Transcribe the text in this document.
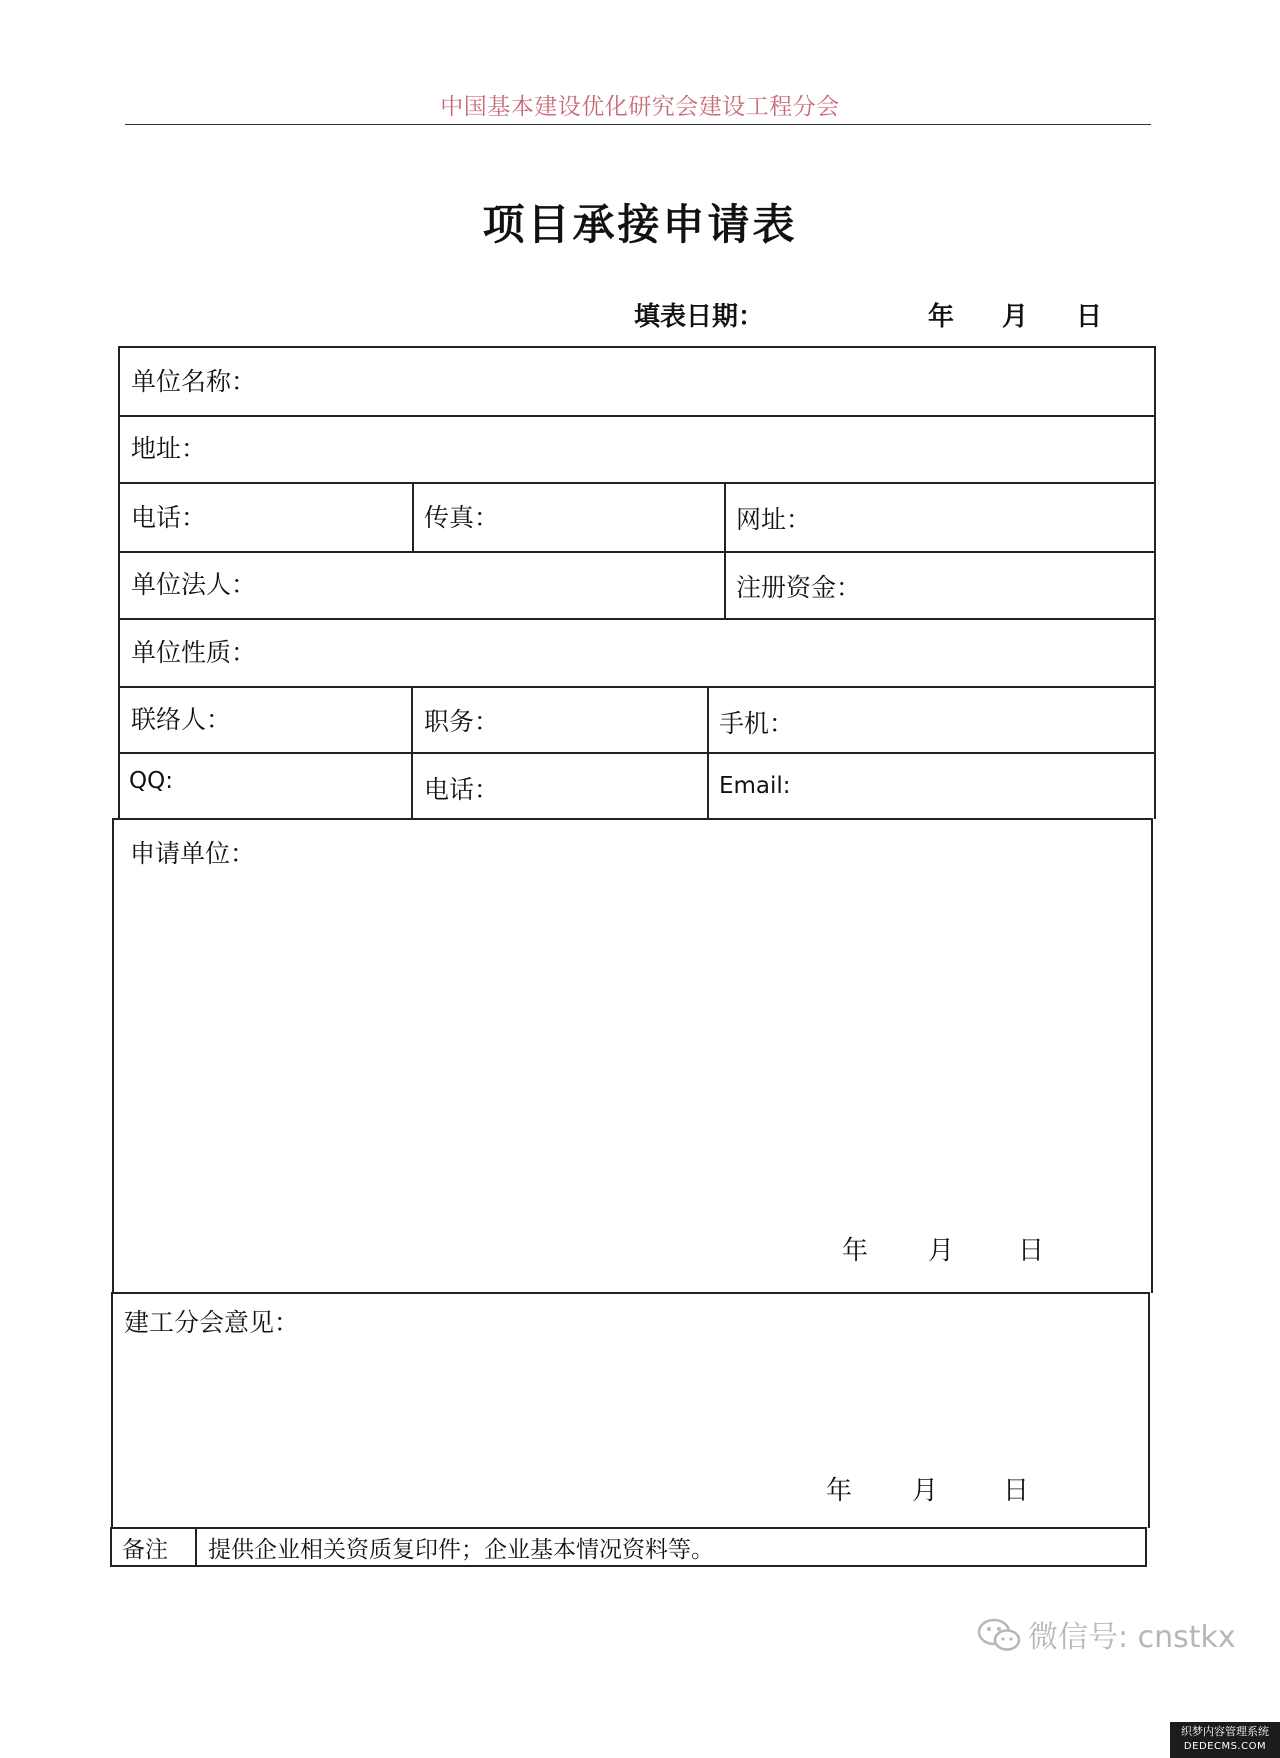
中国基本建设优化研究会建设工程分会
项目承接申请表
填表日期：	年 月 日
单位名称：
地址：
电话：	传真：	网址：
单位法人：	注册资金：
单位性质：
联络人：	职务：	手机：
QQ:	电话：	Email:
申请单位：
年 月 日
建工分会意见：
年 月 日
备注 提供企业相关资质复印件；企业基本情况资料等。
微信号: cnstkx
织梦内容管理系统
DEDECMS.COM
